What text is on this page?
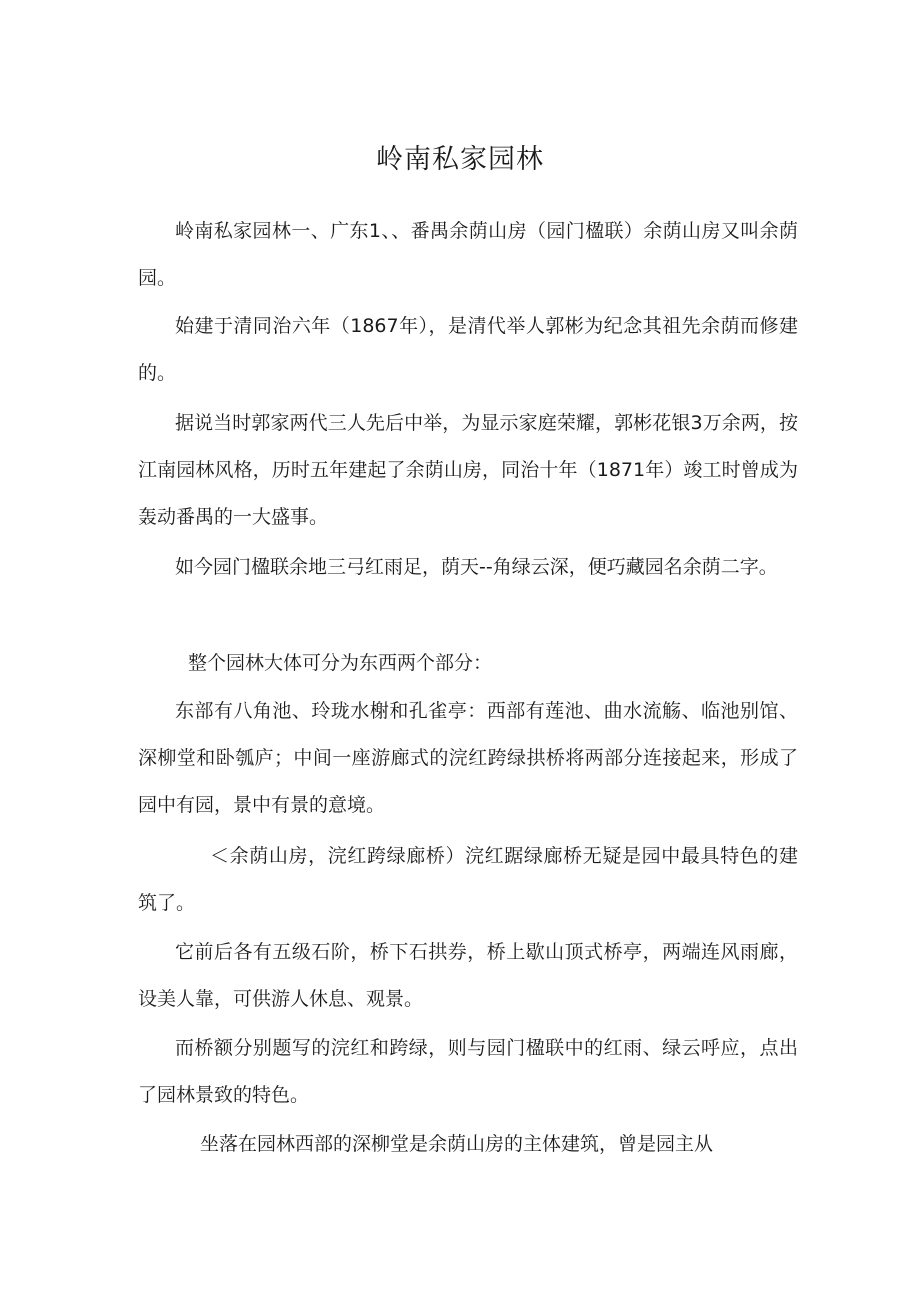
岭南私家园林

岭南私家园林一、广东1、、番禺余荫山房（园门楹联）余荫山房又叫余荫园。

始建于清同治六年（1867年），是清代举人郭彬为纪念其祖先余荫而修建的。

据说当时郭家两代三人先后中举，为显示家庭荣耀，郭彬花银3万余两，按江南园林风格，历时五年建起了余荫山房，同治十年（1871年）竣工时曾成为轰动番禺的一大盛事。

如今园门楹联余地三弓红雨足，荫天--角绿云深，便巧藏园名余荫二字。

整个园林大体可分为东西两个部分：

东部有八角池、玲珑水榭和孔雀亭：西部有莲池、曲水流觞、临池别馆、深柳堂和卧瓠庐；中间一座游廊式的浣红跨绿拱桥将两部分连接起来，形成了园中有园，景中有景的意境。

＜余荫山房，浣红跨绿廊桥）浣红踞绿廊桥无疑是园中最具特色的建筑了。

它前后各有五级石阶，桥下石拱券，桥上歇山顶式桥亭，两端连风雨廊，设美人靠，可供游人休息、观景。

而桥额分别题写的浣红和跨绿，则与园门楹联中的红雨、绿云呼应，点出了园林景致的特色。

坐落在园林西部的深柳堂是余荫山房的主体建筑，曾是园主从
